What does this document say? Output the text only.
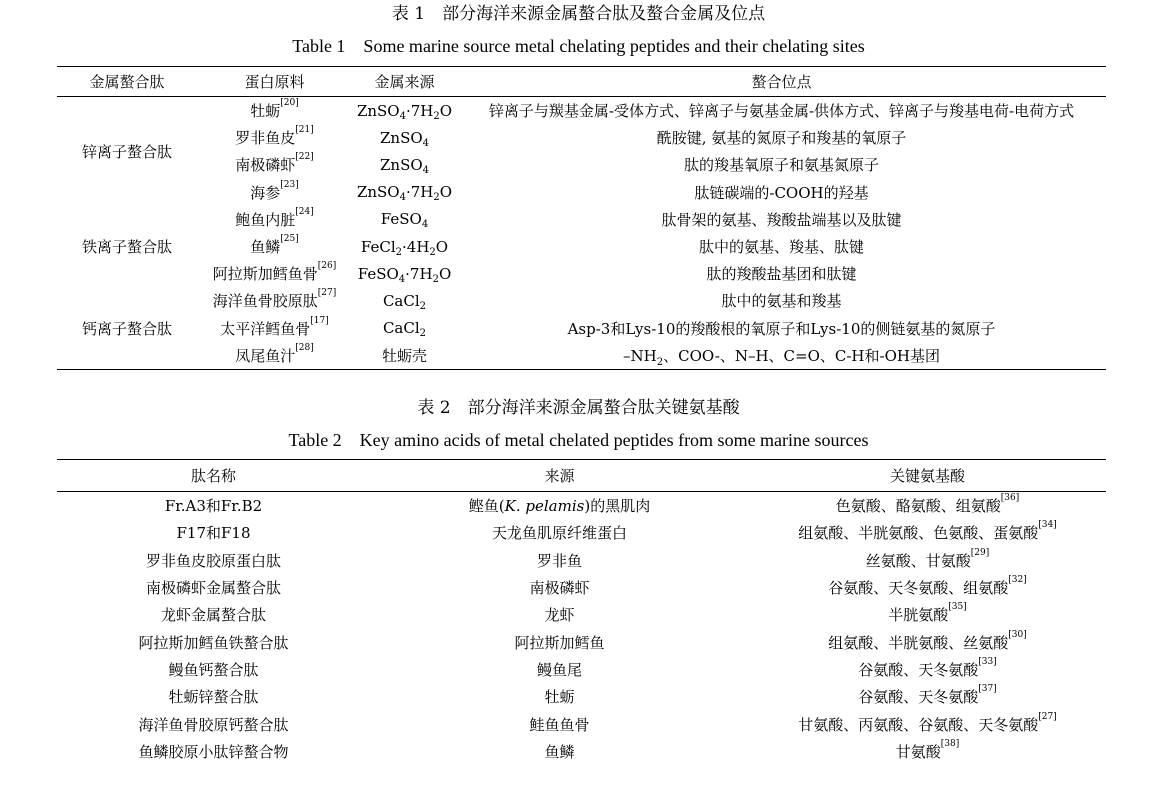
表 1　部分海洋来源金属螯合肽及螯合金属及位点
Table 1　Some marine source metal chelating peptides and their chelating sites
金属螯合肽	蛋白原料	金属来源	螯合位点
锌离子螯合肽	牡蛎[20]	$ZnSO_4\cdot 7H_2O$	锌离子与羰基金属-受体方式、锌离子与氨基金属-供体方式、锌离子与羧基电荷-电荷方式
	罗非鱼皮[21]	ZnSO$_4$	酰胺键, 氨基的氮原子和羧基的氧原子
	南极磷虾[22]	ZnSO$_4$	肽的羧基氧原子和氨基氮原子
	海参[23]	$ZnSO_4\cdot 7H_2O$	肽链碳端的-COOH的羟基
铁离子螯合肽	鲍鱼内脏[24]	FeSO$_4$	肽骨架的氨基、羧酸盐端基以及肽键
	鱼鳞[25]	$FeCl_2\cdot 4H_2O$	肽中的氨基、羧基、肽键
	阿拉斯加鳕鱼骨[26]	$FeSO_4\cdot 7H_2O$	肽的羧酸盐基团和肽键
钙离子螯合肽	海洋鱼骨胶原肽[27]	CaCl$_2$	肽中的氨基和羧基
	太平洋鳕鱼骨[17]	CaCl$_2$	Asp-3和Lys-10的羧酸根的氧原子和Lys-10的侧链氨基的氮原子
	凤尾鱼汁[28]	牡蛎壳	$-NH_2$、COO-、N–H、C=O、C-H和-OH基团
表 2　部分海洋来源金属螯合肽关键氨基酸
Table 2　Key amino acids of metal chelated peptides from some marine sources
肽名称	来源	关键氨基酸
Fr.A3和Fr.B2	鲣鱼(K. pelamis)的黑肌肉	色氨酸、酪氨酸、组氨酸[36]
F17和F18	天龙鱼肌原纤维蛋白	组氨酸、半胱氨酸、色氨酸、蛋氨酸[34]
罗非鱼皮胶原蛋白肽	罗非鱼	丝氨酸、甘氨酸[29]
南极磷虾金属螯合肽	南极磷虾	谷氨酸、天冬氨酸、组氨酸[32]
龙虾金属螯合肽	龙虾	半胱氨酸[35]
阿拉斯加鳕鱼铁螯合肽	阿拉斯加鳕鱼	组氨酸、半胱氨酸、丝氨酸[30]
鳗鱼钙螯合肽	鳗鱼尾	谷氨酸、天冬氨酸[33]
牡蛎锌螯合肽	牡蛎	谷氨酸、天冬氨酸[37]
海洋鱼骨胶原钙螯合肽	鲑鱼鱼骨	甘氨酸、丙氨酸、谷氨酸、天冬氨酸[27]
鱼鳞胶原小肽锌螯合物	鱼鳞	甘氨酸[38]
